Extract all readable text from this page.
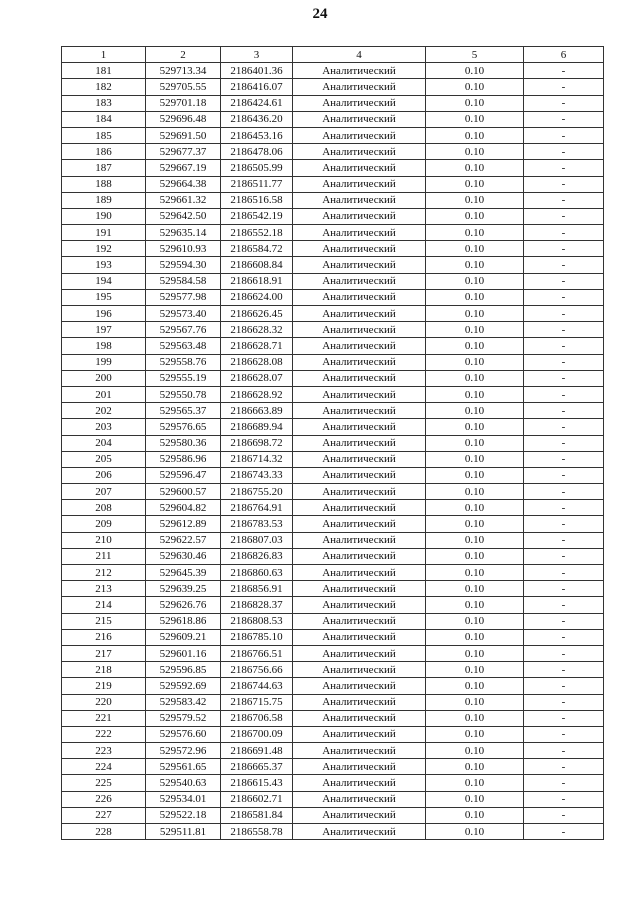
24
1	2	3	4	5	6
181	529713.34	2186401.36	Аналитический	0.10	-
182	529705.55	2186416.07	Аналитический	0.10	-
183	529701.18	2186424.61	Аналитический	0.10	-
184	529696.48	2186436.20	Аналитический	0.10	-
185	529691.50	2186453.16	Аналитический	0.10	-
186	529677.37	2186478.06	Аналитический	0.10	-
187	529667.19	2186505.99	Аналитический	0.10	-
188	529664.38	2186511.77	Аналитический	0.10	-
189	529661.32	2186516.58	Аналитический	0.10	-
190	529642.50	2186542.19	Аналитический	0.10	-
191	529635.14	2186552.18	Аналитический	0.10	-
192	529610.93	2186584.72	Аналитический	0.10	-
193	529594.30	2186608.84	Аналитический	0.10	-
194	529584.58	2186618.91	Аналитический	0.10	-
195	529577.98	2186624.00	Аналитический	0.10	-
196	529573.40	2186626.45	Аналитический	0.10	-
197	529567.76	2186628.32	Аналитический	0.10	-
198	529563.48	2186628.71	Аналитический	0.10	-
199	529558.76	2186628.08	Аналитический	0.10	-
200	529555.19	2186628.07	Аналитический	0.10	-
201	529550.78	2186628.92	Аналитический	0.10	-
202	529565.37	2186663.89	Аналитический	0.10	-
203	529576.65	2186689.94	Аналитический	0.10	-
204	529580.36	2186698.72	Аналитический	0.10	-
205	529586.96	2186714.32	Аналитический	0.10	-
206	529596.47	2186743.33	Аналитический	0.10	-
207	529600.57	2186755.20	Аналитический	0.10	-
208	529604.82	2186764.91	Аналитический	0.10	-
209	529612.89	2186783.53	Аналитический	0.10	-
210	529622.57	2186807.03	Аналитический	0.10	-
211	529630.46	2186826.83	Аналитический	0.10	-
212	529645.39	2186860.63	Аналитический	0.10	-
213	529639.25	2186856.91	Аналитический	0.10	-
214	529626.76	2186828.37	Аналитический	0.10	-
215	529618.86	2186808.53	Аналитический	0.10	-
216	529609.21	2186785.10	Аналитический	0.10	-
217	529601.16	2186766.51	Аналитический	0.10	-
218	529596.85	2186756.66	Аналитический	0.10	-
219	529592.69	2186744.63	Аналитический	0.10	-
220	529583.42	2186715.75	Аналитический	0.10	-
221	529579.52	2186706.58	Аналитический	0.10	-
222	529576.60	2186700.09	Аналитический	0.10	-
223	529572.96	2186691.48	Аналитический	0.10	-
224	529561.65	2186665.37	Аналитический	0.10	-
225	529540.63	2186615.43	Аналитический	0.10	-
226	529534.01	2186602.71	Аналитический	0.10	-
227	529522.18	2186581.84	Аналитический	0.10	-
228	529511.81	2186558.78	Аналитический	0.10	-
